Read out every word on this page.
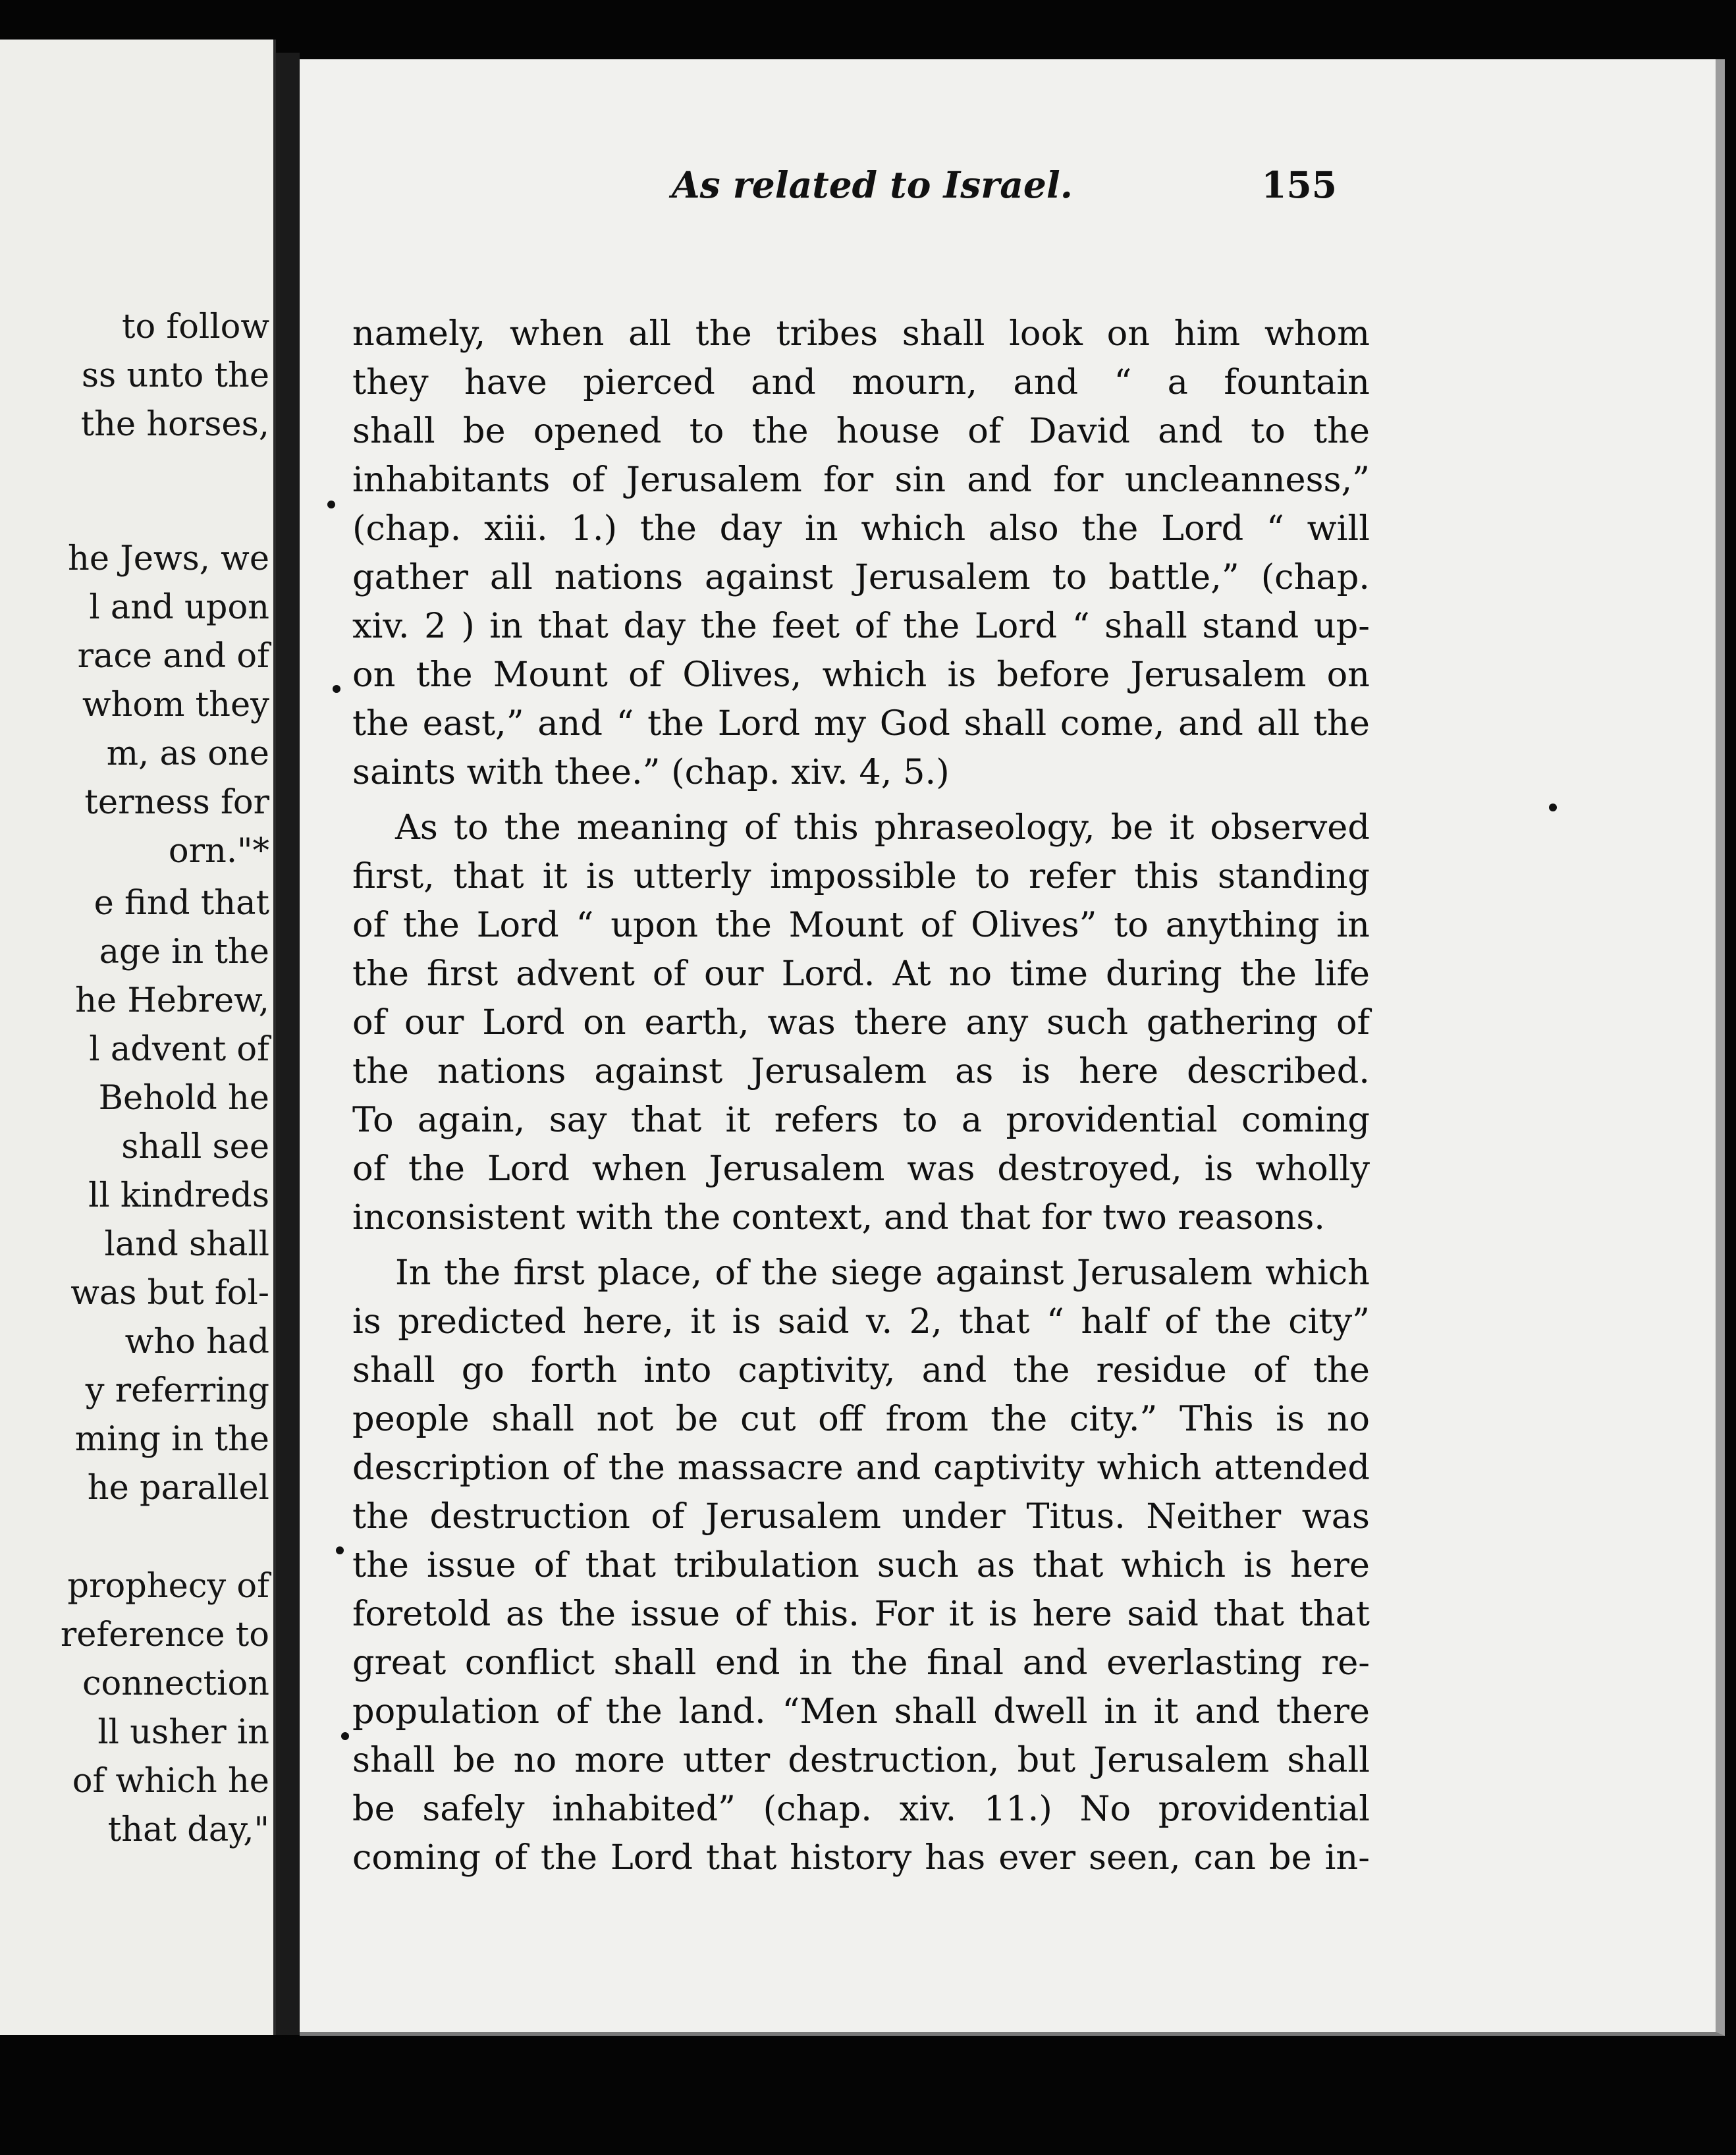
to follow
ss unto the
the horses,
he Jews, we
l and upon
race and of
whom they
m, as one
terness for
orn."*
e find that
age in the
he Hebrew,
l advent of
Behold he
shall see
ll kindreds
land shall
was but fol-
who had
y referring
ming in the
he parallel
prophecy of
reference to
connection
ll usher in
of which he
that day,"
As related to Israel.	155
namely, when all the tribes shall look on him whom
they have pierced and mourn, and “ a fountain
shall be opened to the house of David and to the
inhabitants of Jerusalem for sin and for uncleanness,”
(chap. xiii. 1.) the day in which also the Lord “ will
gather all nations against Jerusalem to battle,” (chap.
xiv. 2 ) in that day the feet of the Lord “ shall stand up-
on the Mount of Olives, which is before Jerusalem on
the east,” and “ the Lord my God shall come, and all the
saints with thee.” (chap. xiv. 4, 5.)
As to the meaning of this phraseology, be it observed
first, that it is utterly impossible to refer this standing
of the Lord “ upon the Mount of Olives” to anything in
the first advent of our Lord. At no time during the life
of our Lord on earth, was there any such gathering of
the nations against Jerusalem as is here described.
To again, say that it refers to a providential coming
of the Lord when Jerusalem was destroyed, is wholly
inconsistent with the context, and that for two reasons.
In the first place, of the siege against Jerusalem which
is predicted here, it is said v. 2, that “ half of the city”
shall go forth into captivity, and the residue of the
people shall not be cut off from the city.” This is no
description of the massacre and captivity which attended
the destruction of Jerusalem under Titus. Neither was
the issue of that tribulation such as that which is here
foretold as the issue of this. For it is here said that that
great conflict shall end in the final and everlasting re-
population of the land. “Men shall dwell in it and there
shall be no more utter destruction, but Jerusalem shall
be safely inhabited” (chap. xiv. 11.) No providential
coming of the Lord that history has ever seen, can be in-
